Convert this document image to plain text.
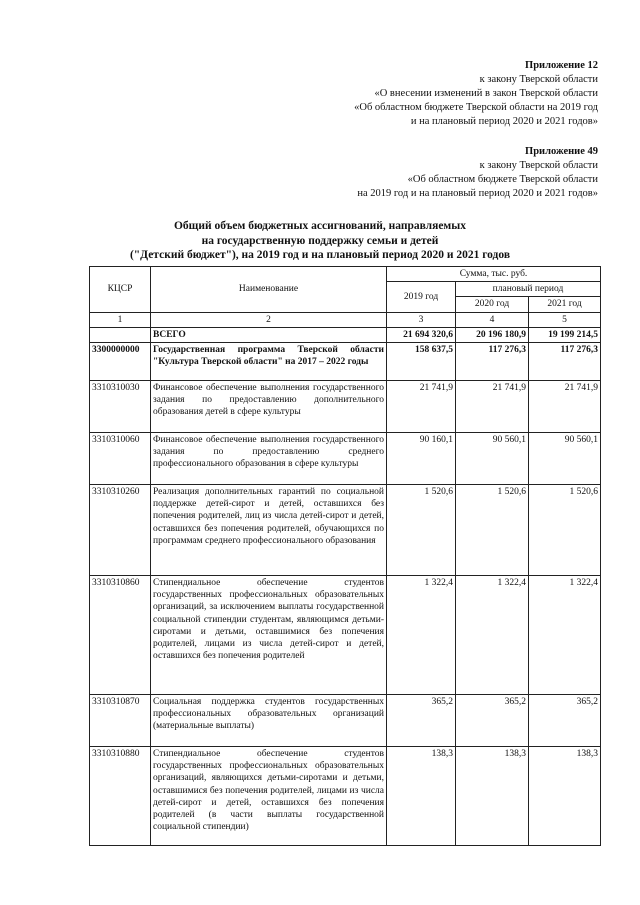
Приложение 12
к закону Тверской области
«О внесении изменений в закон Тверской области
«Об областном бюджете Тверской области на 2019 год
и на плановый период 2020 и 2021 годов»
Приложение 49
к закону Тверской области
«Об областном бюджете Тверской области
на 2019 год и на плановый период 2020 и 2021 годов»
Общий объем бюджетных ассигнований, направляемых
на государственную поддержку семьи и детей
("Детский бюджет"), на 2019 год и на плановый период 2020 и 2021 годов
КЦСР	Наименование	Сумма, тыс. руб.		
		2019 год	плановый период	
			2020 год	2021 год
1	2	3	4	5
	ВСЕГО	21 694 320,6	20 196 180,9	19 199 214,5
3300000000	Государственная программа Тверской области "Культура Тверской области" на 2017 – 2022 годы	158 637,5	117 276,3	117 276,3
3310310030	Финансовое обеспечение выполнения государственного задания по предоставлению дополнительного образования детей в сфере культуры	21 741,9	21 741,9	21 741,9
3310310060	Финансовое обеспечение выполнения государственного задания по предоставлению среднего профессионального образования в сфере культуры	90 160,1	90 560,1	90 560,1
3310310260	Реализация дополнительных гарантий по социальной поддержке детей-сирот и детей, оставшихся без попечения родителей, лиц из числа детей-сирот и детей, оставшихся без попечения родителей, обучающихся по программам среднего профессионального образования	1 520,6	1 520,6	1 520,6
3310310860	Стипендиальное обеспечение студентов государственных профессиональных образовательных организаций, за исключением выплаты государственной социальной стипендии студентам, являющимся детьми-сиротами и детьми, оставшимися без попечения родителей, лицами из числа детей-сирот и детей, оставшихся без попечения родителей	1 322,4	1 322,4	1 322,4
3310310870	Социальная поддержка студентов государственных профессиональных образовательных организаций (материальные выплаты)	365,2	365,2	365,2
3310310880	Стипендиальное обеспечение студентов государственных профессиональных образовательных организаций, являющихся детьми-сиротами и детьми, оставшимися без попечения родителей, лицами из числа детей-сирот и детей, оставшихся без попечения родителей (в части выплаты государственной социальной стипендии)	138,3	138,3	138,3
